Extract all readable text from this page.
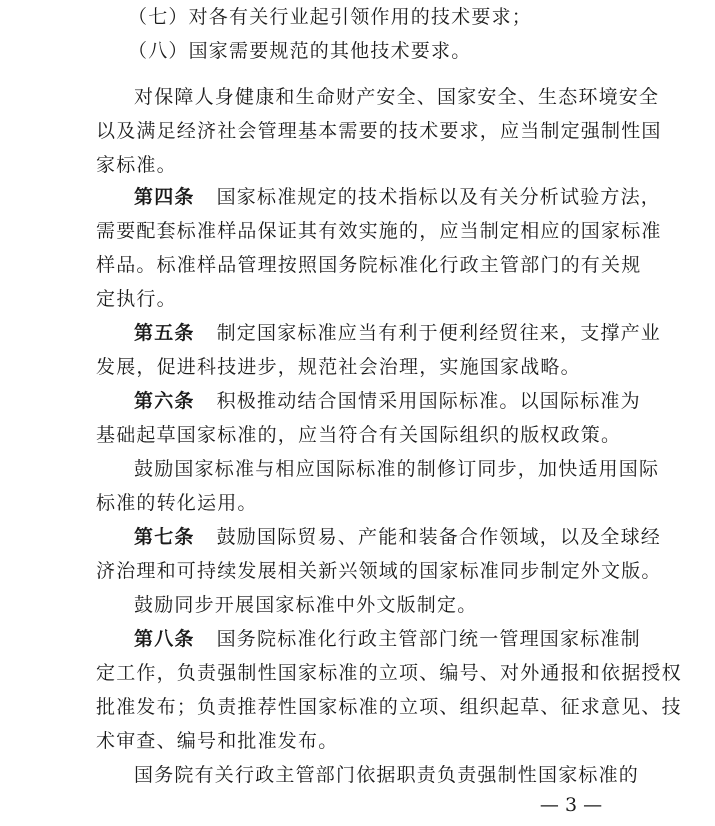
（七）对各有关行业起引领作用的技术要求；
（八）国家需要规范的其他技术要求。
对保障人身健康和生命财产安全、国家安全、生态环境安全
以及满足经济社会管理基本需要的技术要求，应当制定强制性国
家标准。
第四条 国家标准规定的技术指标以及有关分析试验方法，
需要配套标准样品保证其有效实施的，应当制定相应的国家标准
样品。标准样品管理按照国务院标准化行政主管部门的有关规
定执行。
第五条 制定国家标准应当有利于便利经贸往来，支撑产业
发展，促进科技进步，规范社会治理，实施国家战略。
第六条 积极推动结合国情采用国际标准。以国际标准为
基础起草国家标准的，应当符合有关国际组织的版权政策。
鼓励国家标准与相应国际标准的制修订同步，加快适用国际
标准的转化运用。
第七条 鼓励国际贸易、产能和装备合作领域，以及全球经
济治理和可持续发展相关新兴领域的国家标准同步制定外文版。
鼓励同步开展国家标准中外文版制定。
第八条 国务院标准化行政主管部门统一管理国家标准制
定工作，负责强制性国家标准的立项、编号、对外通报和依据授权
批准发布；负责推荐性国家标准的立项、组织起草、征求意见、技
术审查、编号和批准发布。
国务院有关行政主管部门依据职责负责强制性国家标准的
— 3 —
